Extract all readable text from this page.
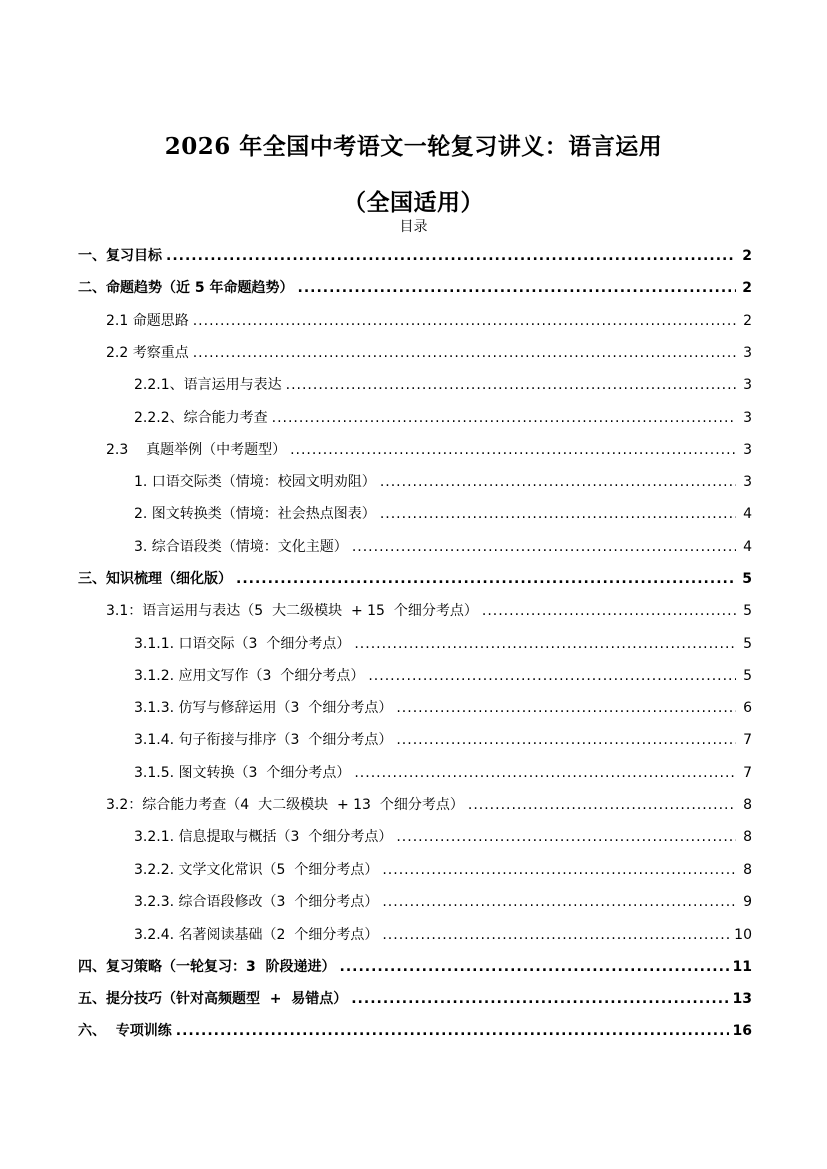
2026 年全国中考语文一轮复习讲义：语言运用
（全国适用）
目录
一、复习目标 .....	2
二、命题趋势（近 5 年命题趋势） .....	2
2.1 命题思路 .....	2
2.2 考察重点 .....	3
2.2.1、语言运用与表达 .....	3
2.2.2、综合能力考查 .....	3
2.3    真题举例（中考题型） .....	3
1. 口语交际类（情境：校园文明劝阻） .....	3
2. 图文转换类（情境：社会热点图表） .....	4
3. 综合语段类（情境：文化主题） .....	4
三、知识梳理（细化版） .....	5
3.1：语言运用与表达（5  大二级模块  + 15  个细分考点） .....	5
3.1.1. 口语交际（3  个细分考点） .....	5
3.1.2. 应用文写作（3  个细分考点） .....	5
3.1.3. 仿写与修辞运用（3  个细分考点） .....	6
3.1.4. 句子衔接与排序（3  个细分考点） .....	7
3.1.5. 图文转换（3  个细分考点） .....	7
3.2：综合能力考查（4  大二级模块  + 13  个细分考点） .....	8
3.2.1. 信息提取与概括（3  个细分考点） .....	8
3.2.2. 文学文化常识（5  个细分考点） .....	8
3.2.3. 综合语段修改（3  个细分考点） .....	9
3.2.4. 名著阅读基础（2  个细分考点） .....	10
四、复习策略（一轮复习：3  阶段递进） .....	11
五、提分技巧（针对高频题型  +  易错点） .....	13
六、  专项训练 .....	16
